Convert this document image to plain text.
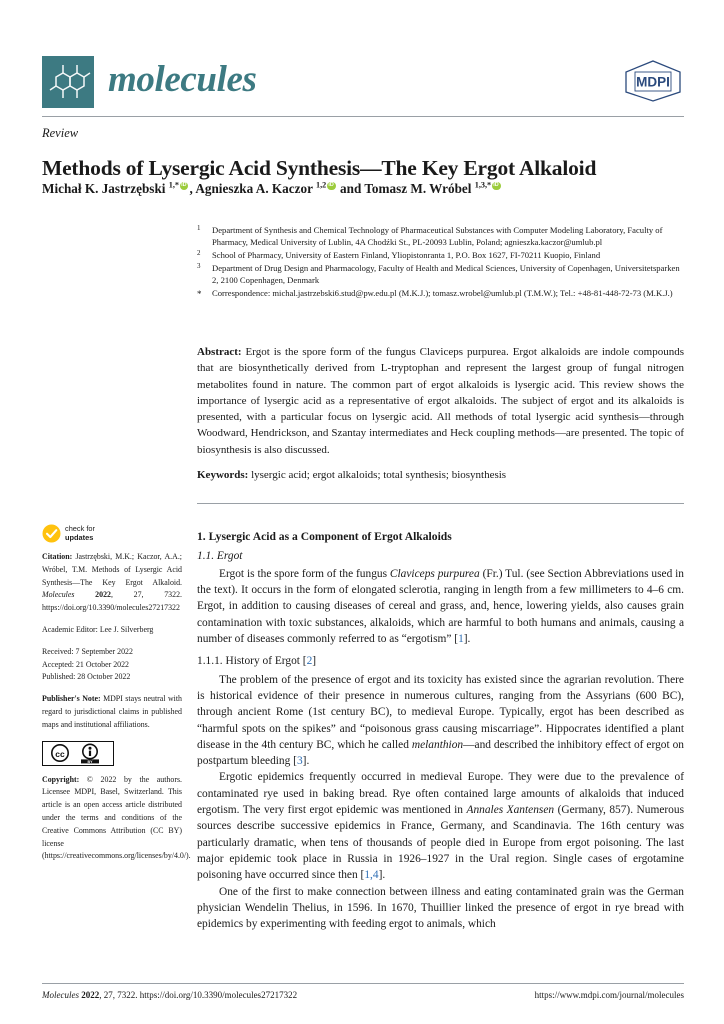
molecules	MDPI
Review
Methods of Lysergic Acid Synthesis—The Key Ergot Alkaloid
Michał K. Jastrzębski $^{1,*}$ iD , Agnieszka A. Kaczor $^{1,2}$iD and Tomasz M. Wróbel $^{1,3,*}$iD
1	Department of Synthesis and Chemical Technology of Pharmaceutical Substances with Computer Modeling Laboratory, Faculty of Pharmacy, Medical University of Lublin, 4A Chodźki St., PL-20093 Lublin, Poland; agnieszka.kaczor@umlub.pl
2	School of Pharmacy, University of Eastern Finland, Yliopistonranta 1, P.O. Box 1627, FI-70211 Kuopio, Finland
3	Department of Drug Design and Pharmacology, Faculty of Health and Medical Sciences, University of Copenhagen, Universitetsparken 2, 2100 Copenhagen, Denmark
*	Correspondence: michal.jastrzebski6.stud@pw.edu.pl (M.K.J.); tomasz.wrobel@umlub.pl (T.M.W.); Tel.: +48-81-448-72-73 (M.K.J.)
Abstract: Ergot is the spore form of the fungus Claviceps purpurea. Ergot alkaloids are indole compounds that are biosynthetically derived from L-tryptophan and represent the largest group of fungal nitrogen metabolites found in nature. The common part of ergot alkaloids is lysergic acid. This review shows the importance of lysergic acid as a representative of ergot alkaloids. The subject of ergot and its alkaloids is presented, with a particular focus on lysergic acid. All methods of total lysergic acid synthesis—through Woodward, Hendrickson, and Szantay intermediates and Heck coupling methods—are presented. The topic of biosynthesis is also discussed.
Keywords: lysergic acid; ergot alkaloids; total synthesis; biosynthesis
check for
updates
Citation: Jastrzębski, M.K.; Kaczor, A.A.; Wróbel, T.M. Methods of Lysergic Acid Synthesis—The Key Ergot Alkaloid. Molecules	2022, 27, 7322. https://doi.org/10.3390/molecules27217322
Academic Editor: Lee J. Silverberg
Received: 7 September 2022
Accepted: 21 October 2022
Published: 28 October 2022
Publisher's Note: MDPI stays neutral with regard to jurisdictional claims in published maps and institutional affiliations.
cc
BY
Copyright: © 2022 by the authors. Licensee MDPI, Basel, Switzerland. This article is an open access article distributed under the terms and conditions of the Creative Commons Attribution (CC BY) license (https://creativecommons.org/licenses/by/4.0/).
1. Lysergic Acid as a Component of Ergot Alkaloids
1.1. Ergot

Ergot is the spore form of the fungus Claviceps purpurea (Fr.) Tul. (see Section Abbreviations used in the text). It occurs in the form of elongated sclerotia, ranging in length from a few millimeters to 4–6 cm. Ergot, in addition to causing diseases of cereal and grass, and, hence, lowering yields, also causes grain contamination with toxic substances, alkaloids, which are harmful to both humans and animals, causing a number of diseases commonly referred to as “ergotism” [1].

1.1.1. History of Ergot [2]

The problem of the presence of ergot and its toxicity has existed since the agrarian revolution. There is historical evidence of their presence in numerous cultures, ranging from the Assyrians (600 BC), through ancient Rome (1st century BC), to medieval Europe. Typically, ergot has been described as “harmful spots on the spikes” and “poisonous grass causing miscarriage”. Hippocrates identified a plant disease in the 4th century BC, which he called melanthion—and described the inhibitory effect of ergot on postpartum bleeding [3].

Ergotic epidemics frequently occurred in medieval Europe. They were due to the prevalence of contaminated rye used in baking bread. Rye often contained large amounts of alkaloids that induced ergotism. The very first ergot epidemic was mentioned in Annales Xantensen (Germany, 857). Numerous sources describe successive epidemics in France, Germany, and Scandinavia. The 16th century was particularly dramatic, when tens of thousands of people died in Europe from ergot poisoning. The last major epidemic took place in Russia in 1926–1927 in the Ural region. Single cases of ergotamine poisoning have occurred since then [1,4].

One of the first to make connection between illness and eating contaminated grain was the German physician Wendelin Thelius, in 1596. In 1670, Thuillier linked the presence of ergot in rye bread with epidemics by experimenting with feeding ergot to animals, which

Molecules 2022, 27, 7322. https://doi.org/10.3390/molecules27217322	https://www.mdpi.com/journal/molecules
